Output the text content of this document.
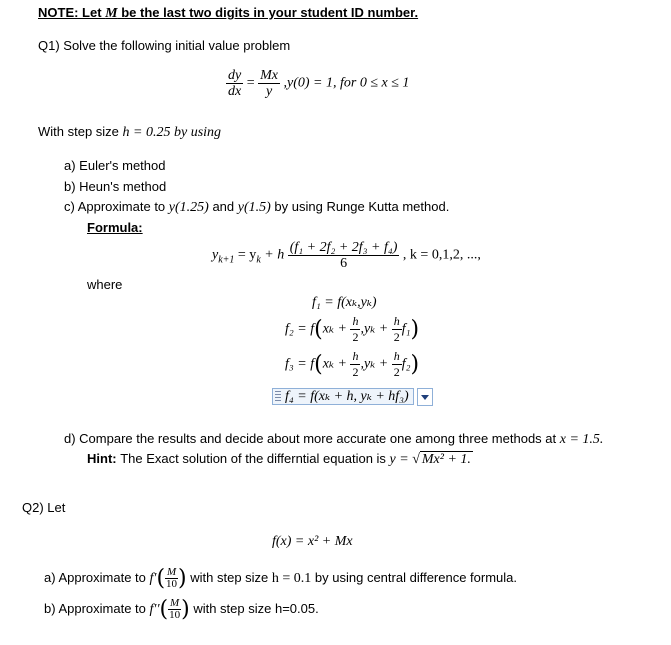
NOTE: Let M be the last two digits in your student ID number.
Q1) Solve the following initial value problem
$\frac{dy}{dx} = \frac{Mx}{y} ,y(0) = 1$, for 0 ≤ x ≤ 1
With step size h = 0.25 by using
a) Euler's method
b) Heun's method
c) Approximate to y(1.25) and y(1.5) by using Runge Kutta method.
Formula:
$y_{k+1} = y_k + h \frac{\text{(f₁ + 2f₂ + 2f₃ + f₄)}}{6}$ , k = 0,1,2, ...,
where
f₁ = f(xₖ,yₖ)
$f_2 = f(x_k + \frac{h}{2} ,y_k + \frac{h}{2} f_1)$
$f_3 = f(x_k + \frac{h}{2} ,y_k + \frac{h}{2} f_2)$
f₄ = f(xₖ + h, yₖ + hf₃)
d) Compare the results and decide about more accurate one among three methods at x = 1.5.
Hint: The Exact solution of the differntial equation is y = √ Mx² + 1.
Q2) Let
f(x) = x² + Mx
a) Approximate to $f'( \frac{M}{10}$ ) with step size h = 0.1 by using central difference formula.
b) Approximate to $f''( \frac{M}{10}$ ) with step size h=0.05.
